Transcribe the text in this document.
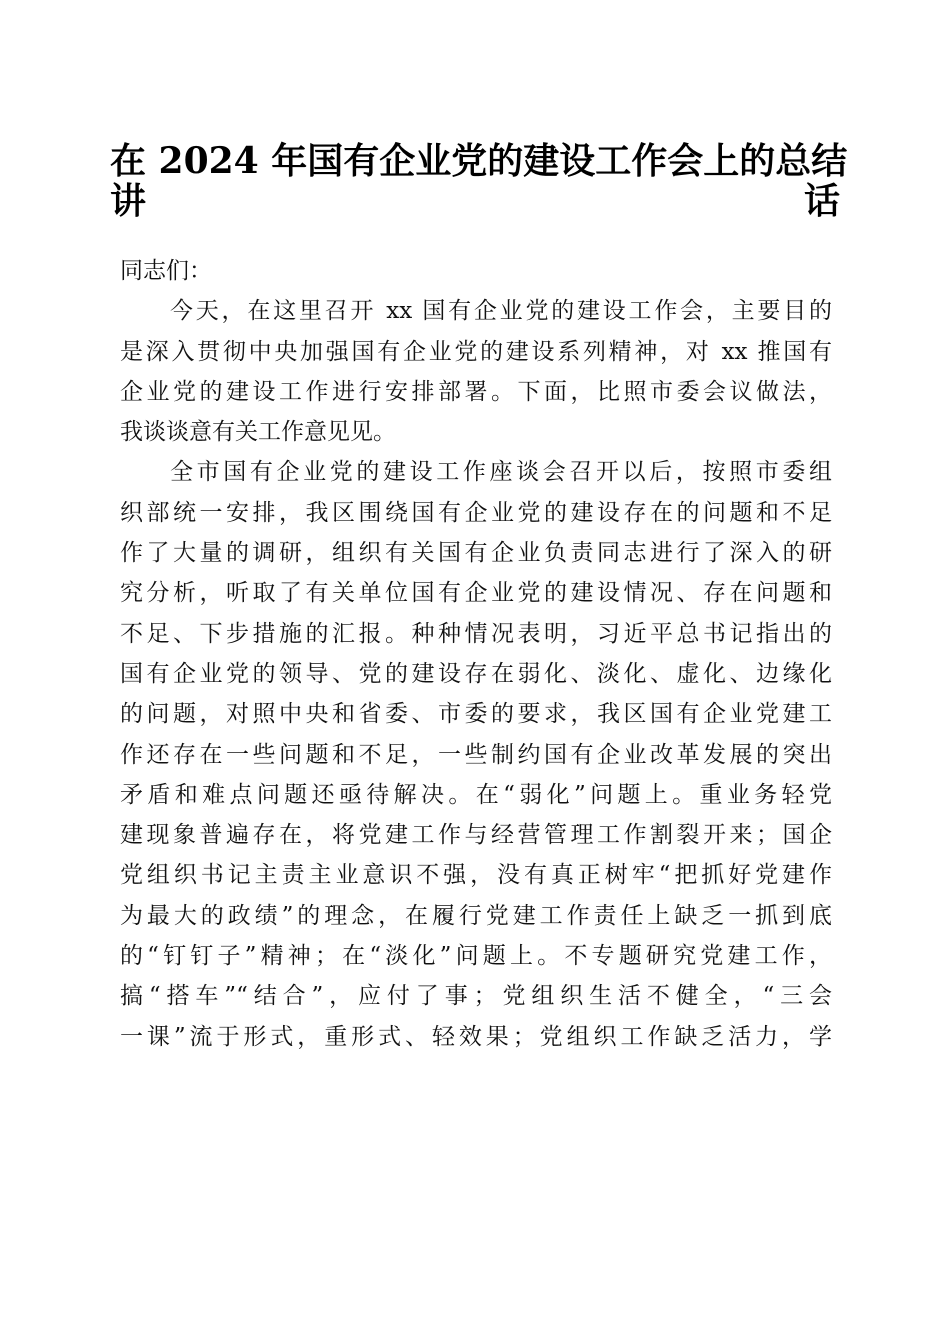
在 2024 年国有企业党的建设工作会上的总结
讲话
同志们：
今天，在这里召开 xx 国有企业党的建设工作会，主要目的
是深入贯彻中央加强国有企业党的建设系列精神，对 xx 推国有
企业党的建设工作进行安排部署。下面，比照市委会议做法，
我谈谈意有关工作意见见。
全市国有企业党的建设工作座谈会召开以后，按照市委组
织部统一安排，我区围绕国有企业党的建设存在的问题和不足
作了大量的调研，组织有关国有企业负责同志进行了深入的研
究分析，听取了有关单位国有企业党的建设情况、存在问题和
不足、下步措施的汇报。种种情况表明，习近平总书记指出的
国有企业党的领导、党的建设存在弱化、淡化、虚化、边缘化
的问题，对照中央和省委、市委的要求，我区国有企业党建工
作还存在一些问题和不足，一些制约国有企业改革发展的突出
矛盾和难点问题还亟待解决。在“弱化”问题上。重业务轻党
建现象普遍存在，将党建工作与经营管理工作割裂开来；国企
党组织书记主责主业意识不强，没有真正树牢“把抓好党建作
为最大的政绩”的理念，在履行党建工作责任上缺乏一抓到底
的“钉钉子”精神；在“淡化”问题上。不专题研究党建工作，
搞“搭车”“结合”，应付了事；党组织生活不健全，“三会
一课”流于形式，重形式、轻效果；党组织工作缺乏活力，学
